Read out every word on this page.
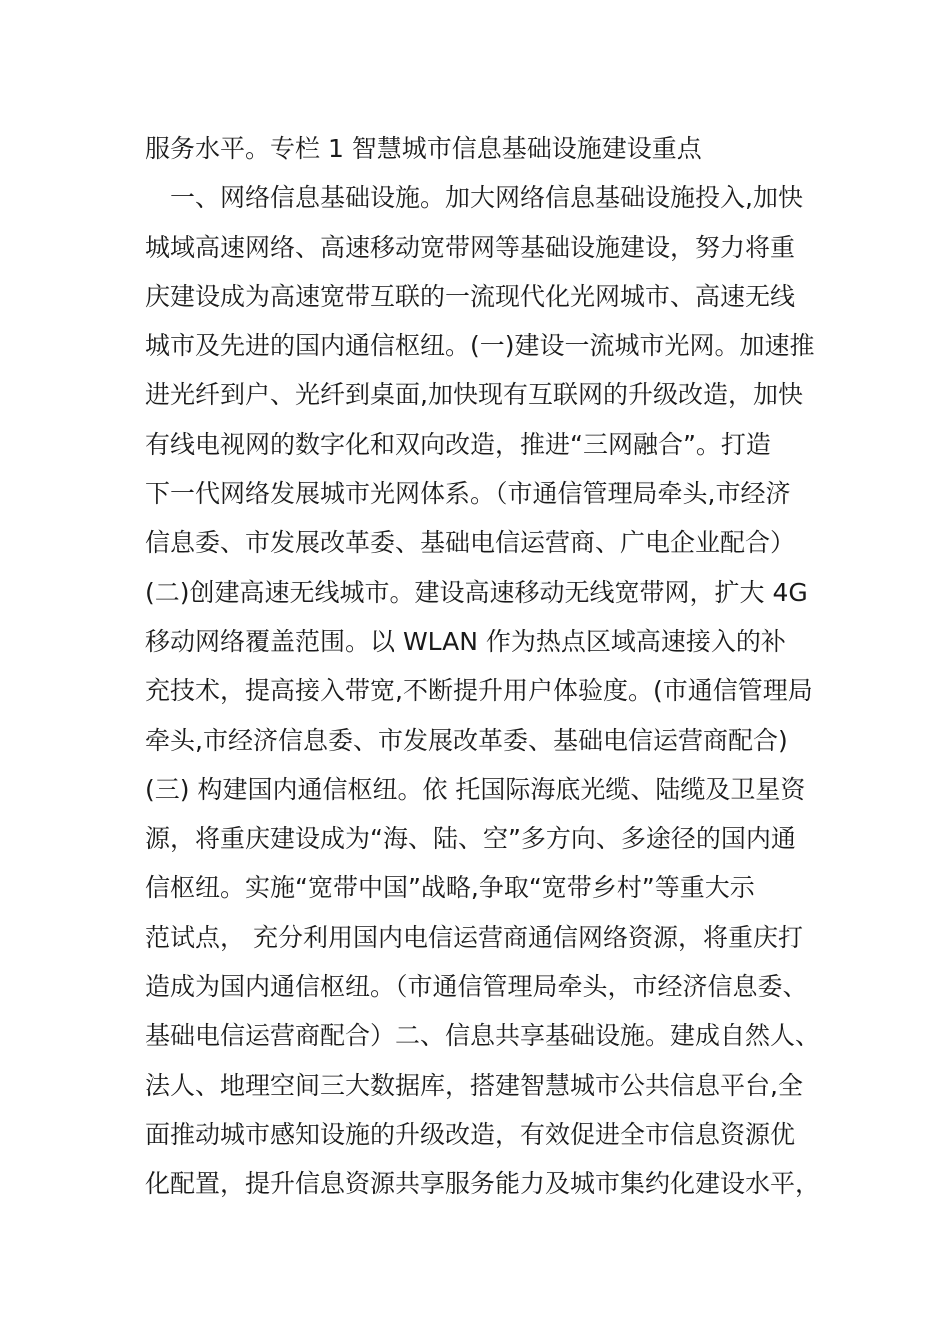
服务水平。专栏 1 智慧城市信息基础设施建设重点
　一、网络信息基础设施。加大网络信息基础设施投入,加快
城域高速网络、高速移动宽带网等基础设施建设，努力将重
庆建设成为高速宽带互联的一流现代化光网城市、高速无线
城市及先进的国内通信枢纽。(一)建设一流城市光网。加速推
进光纤到户、光纤到桌面,加快现有互联网的升级改造，加快
有线电视网的数字化和双向改造，推进“三网融合”。打造
下一代网络发展城市光网体系。（市通信管理局牵头,市经济
信息委、市发展改革委、基础电信运营商、广电企业配合）
(二)创建高速无线城市。建设高速移动无线宽带网，扩大 4G
移动网络覆盖范围。以 WLAN 作为热点区域高速接入的补
充技术，提高接入带宽,不断提升用户体验度。(市通信管理局
牵头,市经济信息委、市发展改革委、基础电信运营商配合)
(三) 构建国内通信枢纽。依 托国际海底光缆、陆缆及卫星资
源，将重庆建设成为“海、陆、空”多方向、多途径的国内通
信枢纽。实施“宽带中国”战略,争取“宽带乡村”等重大示
范试点， 充分利用国内电信运营商通信网络资源，将重庆打
造成为国内通信枢纽。（市通信管理局牵头，市经济信息委、
基础电信运营商配合）二、信息共享基础设施。建成自然人、
法人、地理空间三大数据库，搭建智慧城市公共信息平台,全
面推动城市感知设施的升级改造，有效促进全市信息资源优
化配置，提升信息资源共享服务能力及城市集约化建设水平，
